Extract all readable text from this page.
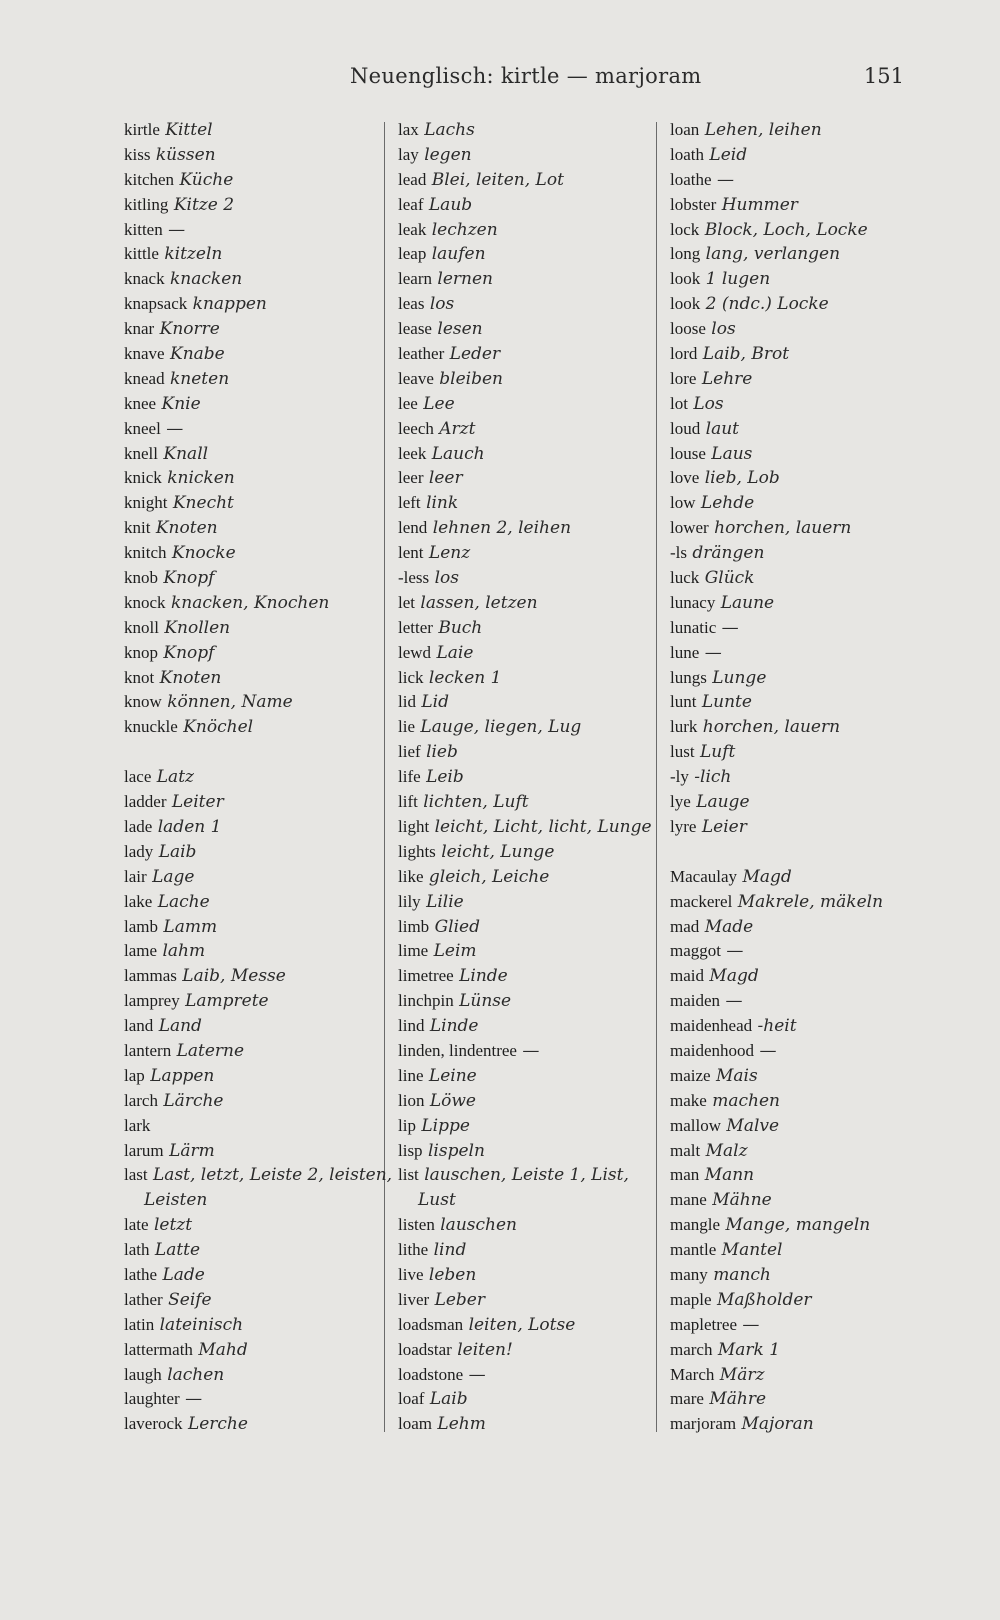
Neuenglisch: kirtle — marjoram	151
kirtle Kittel
kiss küssen
kitchen Küche
kitling Kitze 2
kitten —
kittle kitzeln
knack knacken
knapsack knappen
knar Knorre
knave Knabe
knead kneten
knee Knie
kneel —
knell Knall
knick knicken
knight Knecht
knit Knoten
knitch Knocke
knob Knopf
knock knacken, Knochen
knoll Knollen
knop Knopf
knot Knoten
know können, Name
knuckle Knöchel
lace Latz
ladder Leiter
lade laden 1
lady Laib
lair Lage
lake Lache
lamb Lamm
lame lahm
lammas Laib, Messe
lamprey Lamprete
land Land
lantern Laterne
lap Lappen
larch Lärche
lark
larum Lärm
last Last, letzt, Leiste 2, leisten,
Leisten
late letzt
lath Latte
lathe Lade
lather Seife
latin lateinisch
lattermath Mahd
laugh lachen
laughter —
laverock Lerche
lax Lachs
lay legen
lead Blei, leiten, Lot
leaf Laub
leak lechzen
leap laufen
learn lernen
leas los
lease lesen
leather Leder
leave bleiben
lee Lee
leech Arzt
leek Lauch
leer leer
left link
lend lehnen 2, leihen
lent Lenz
-less los
let lassen, letzen
letter Buch
lewd Laie
lick lecken 1
lid Lid
lie Lauge, liegen, Lug
lief lieb
life Leib
lift lichten, Luft
light leicht, Licht, licht, Lunge
lights leicht, Lunge
like gleich, Leiche
lily Lilie
limb Glied
lime Leim
limetree Linde
linchpin Lünse
lind Linde
linden, lindentree —
line Leine
lion Löwe
lip Lippe
lisp lispeln
list lauschen, Leiste 1, List,
Lust
listen lauschen
lithe lind
live leben
liver Leber
loadsman leiten, Lotse
loadstar leiten!
loadstone —
loaf Laib
loam Lehm
loan Lehen, leihen
loath Leid
loathe —
lobster Hummer
lock Block, Loch, Locke
long lang, verlangen
look 1 lugen
look 2 (ndc.) Locke
loose los
lord Laib, Brot
lore Lehre
lot Los
loud laut
louse Laus
love lieb, Lob
low Lehde
lower horchen, lauern
-ls drängen
luck Glück
lunacy Laune
lunatic —
lune —
lungs Lunge
lunt Lunte
lurk horchen, lauern
lust Luft
-ly -lich
lye Lauge
lyre Leier
Macaulay Magd
mackerel Makrele, mäkeln
mad Made
maggot —
maid Magd
maiden —
maidenhead -heit
maidenhood —
maize Mais
make machen
mallow Malve
malt Malz
man Mann
mane Mähne
mangle Mange, mangeln
mantle Mantel
many manch
maple Maßholder
mapletree —
march Mark 1
March März
mare Mähre
marjoram Majoran
